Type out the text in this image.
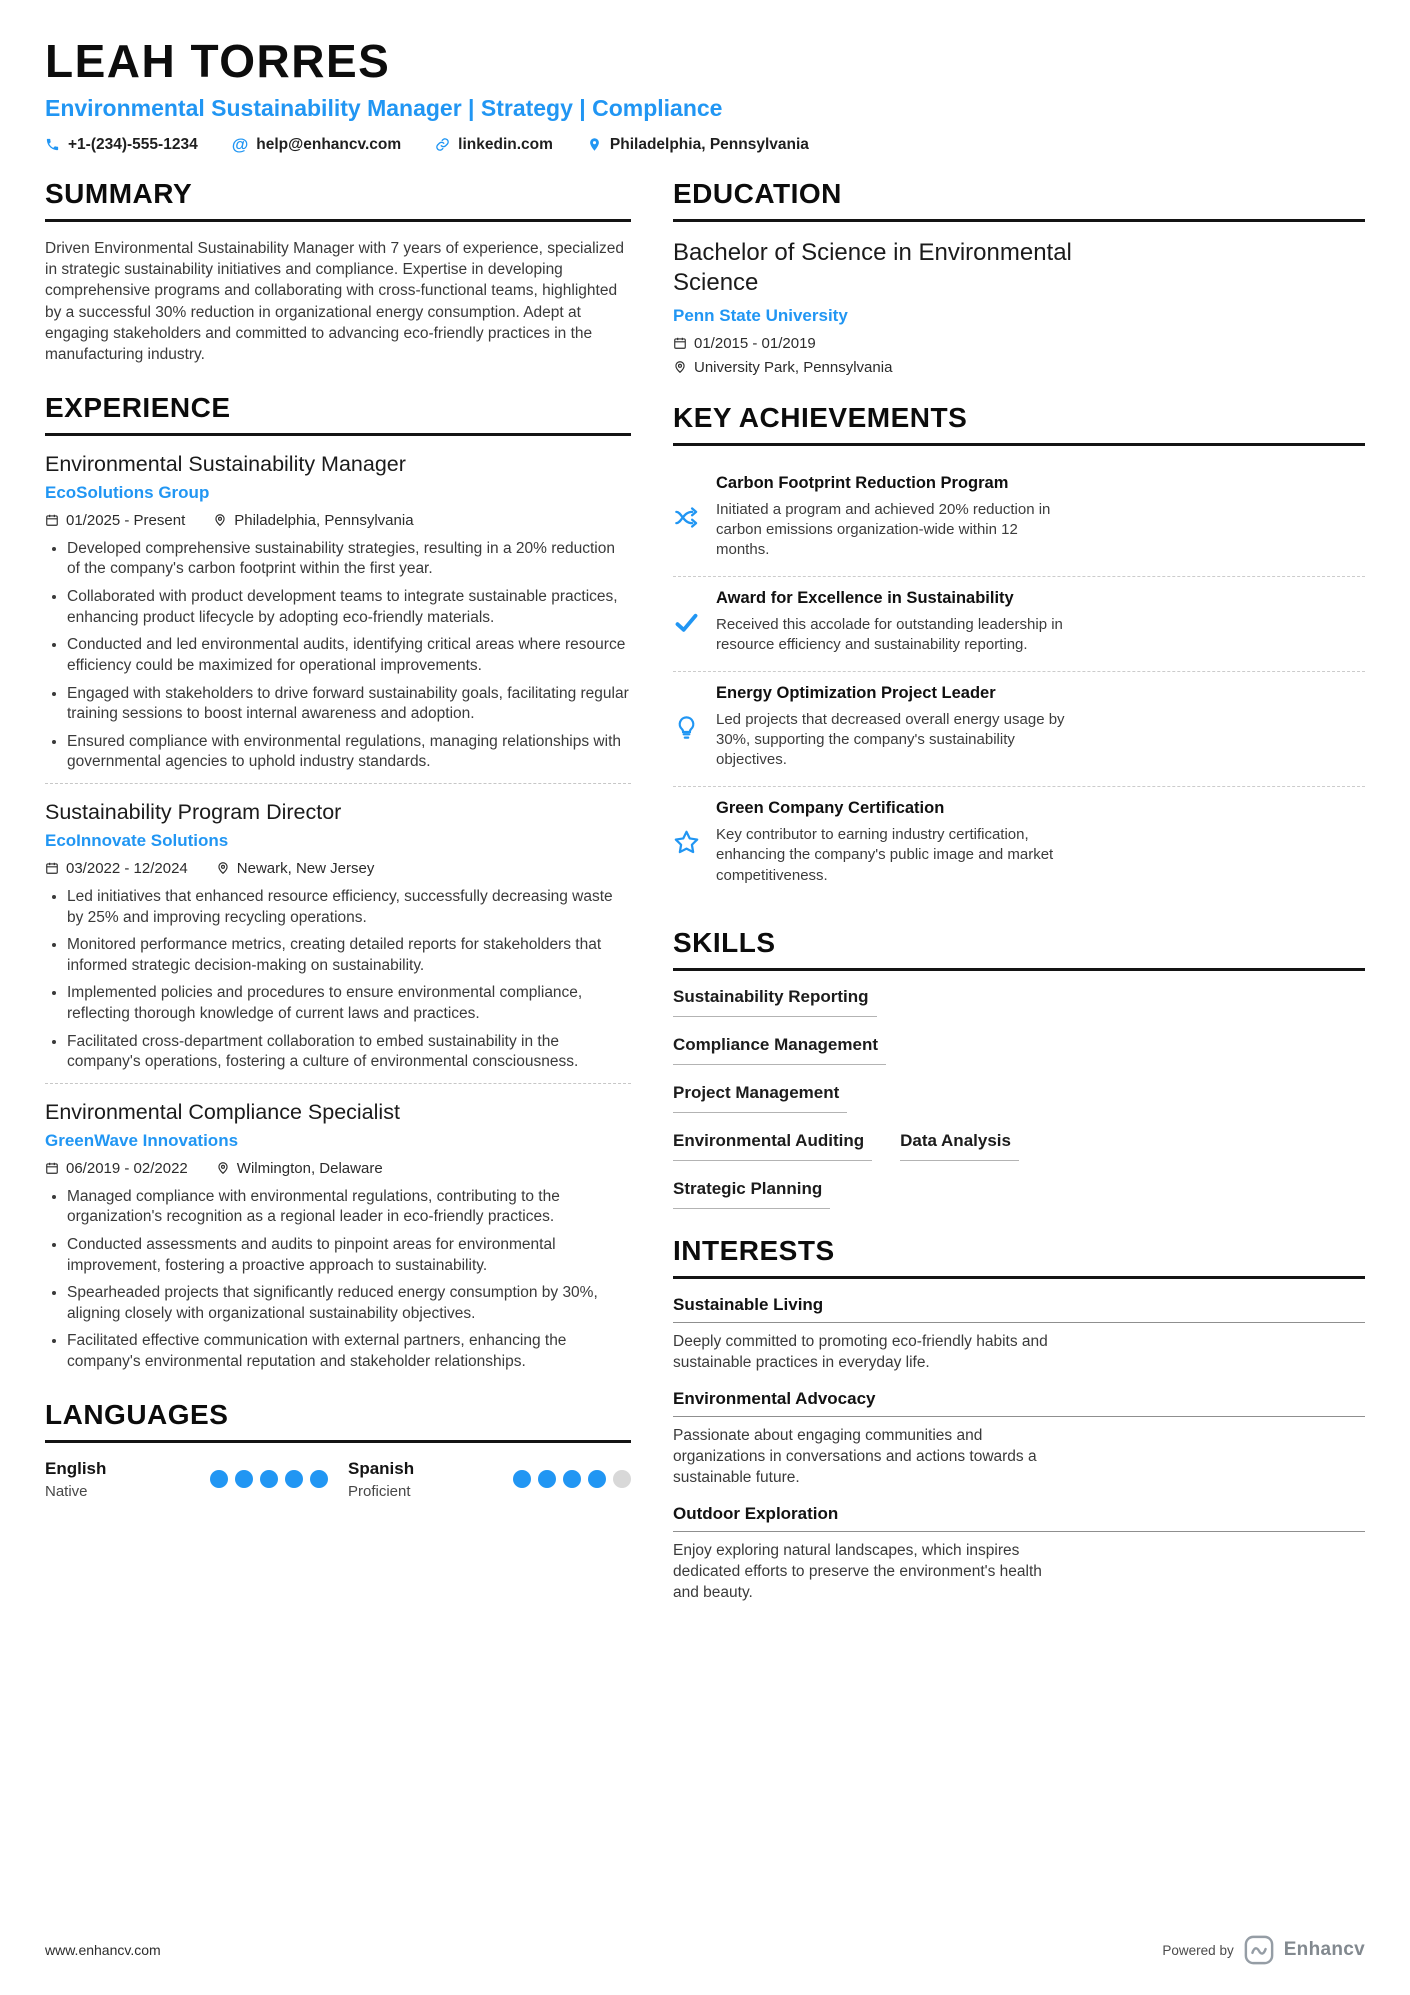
LEAH TORRES
Environmental Sustainability Manager | Strategy | Compliance
+1-(234)-555-1234 @ help@enhancv.com	linkedin.com	Philadelphia, Pennsylvania
SUMMARY

Driven Environmental Sustainability Manager with 7 years of experience, specialized in strategic sustainability initiatives and compliance. Expertise in developing comprehensive programs and collaborating with cross-functional teams, highlighted by a successful 30% reduction in organizational energy consumption. Adept at engaging stakeholders and committed to advancing eco-friendly practices in the manufacturing industry.

EXPERIENCE
Environmental Sustainability Manager
EcoSolutions Group
01/2025 - Present	Philadelphia, Pennsylvania
• Developed comprehensive sustainability strategies, resulting in a 20% reduction of the company's carbon footprint within the first year.
• Collaborated with product development teams to integrate sustainable practices, enhancing product lifecycle by adopting eco-friendly materials.
• Conducted and led environmental audits, identifying critical areas where resource efficiency could be maximized for operational improvements.
• Engaged with stakeholders to drive forward sustainability goals, facilitating regular training sessions to boost internal awareness and adoption.
• Ensured compliance with environmental regulations, managing relationships with governmental agencies to uphold industry standards.
Sustainability Program Director
EcoInnovate Solutions
03/2022 - 12/2024	Newark, New Jersey
• Led initiatives that enhanced resource efficiency, successfully decreasing waste by 25% and improving recycling operations.
• Monitored performance metrics, creating detailed reports for stakeholders that informed strategic decision-making on sustainability.
• Implemented policies and procedures to ensure environmental compliance, reflecting thorough knowledge of current laws and practices.
• Facilitated cross-department collaboration to embed sustainability in the company's operations, fostering a culture of environmental consciousness.
Environmental Compliance Specialist
GreenWave Innovations
06/2019 - 02/2022	Wilmington, Delaware
• Managed compliance with environmental regulations, contributing to the organization's recognition as a regional leader in eco-friendly practices.
• Conducted assessments and audits to pinpoint areas for environmental improvement, fostering a proactive approach to sustainability.
• Spearheaded projects that significantly reduced energy consumption by 30%, aligning closely with organizational sustainability objectives.
• Facilitated effective communication with external partners, enhancing the company's environmental reputation and stakeholder relationships.
LANGUAGES
English
Native
Spanish
Proficient
EDUCATION
Bachelor of Science in Environmental Science
Penn State University
01/2015 - 01/2019
University Park, Pennsylvania
KEY ACHIEVEMENTS
Carbon Footprint Reduction Program
Initiated a program and achieved 20% reduction in carbon emissions organization-wide within 12 months.
Award for Excellence in Sustainability
Received this accolade for outstanding leadership in resource efficiency and sustainability reporting.
Energy Optimization Project Leader
Led projects that decreased overall energy usage by 30%, supporting the company's sustainability objectives.
Green Company Certification
Key contributor to earning industry certification, enhancing the company's public image and market competitiveness.
SKILLS
Sustainability Reporting
Compliance Management
Project Management
Environmental Auditing	Data Analysis
Strategic Planning
INTERESTS
Sustainable Living
Deeply committed to promoting eco-friendly habits and sustainable practices in everyday life.
Environmental Advocacy
Passionate about engaging communities and organizations in conversations and actions towards a sustainable future.
Outdoor Exploration
Enjoy exploring natural landscapes, which inspires dedicated efforts to preserve the environment's health and beauty.
www.enhancv.com	Powered by	Enhancv
